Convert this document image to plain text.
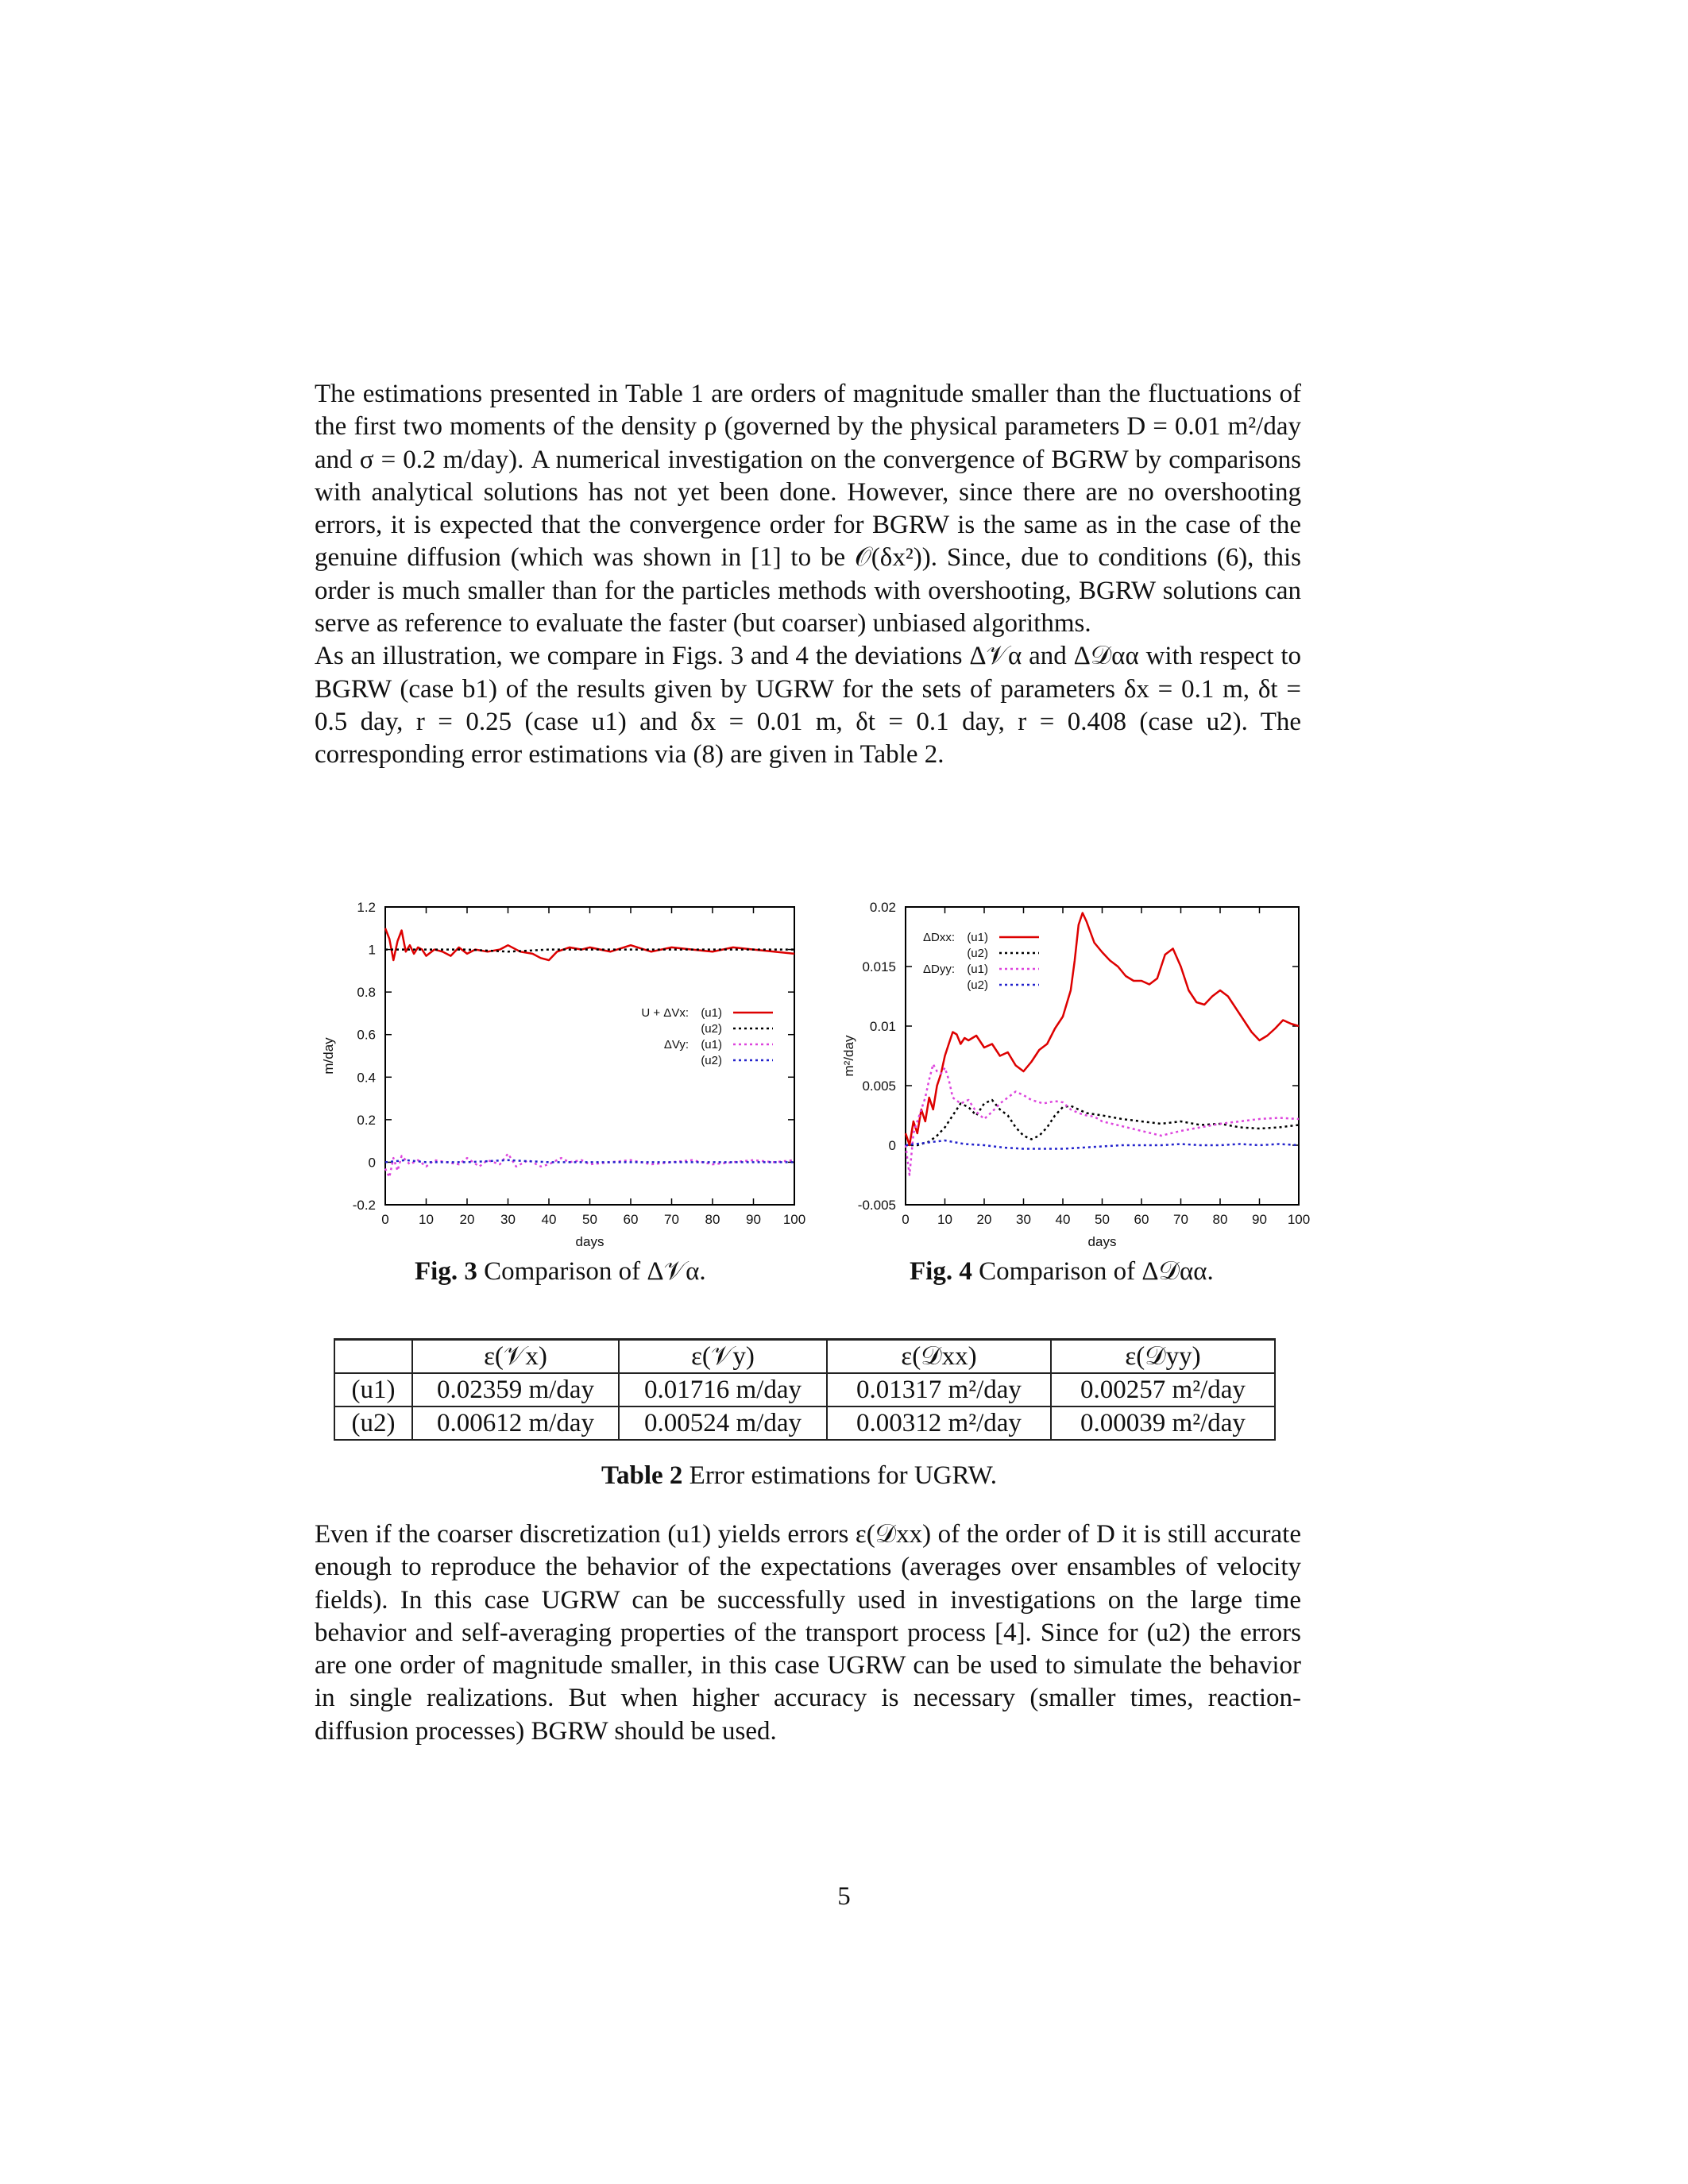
The estimations presented in Table 1 are orders of magnitude smaller than the fluctuations of the first two moments of the density ρ (governed by the physical parameters D = 0.01 m²/day and σ = 0.2 m/day). A numerical investigation on the convergence of BGRW by comparisons with analytical solutions has not yet been done. However, since there are no overshooting errors, it is expected that the convergence order for BGRW is the same as in the case of the genuine diffusion (which was shown in [1] to be 𝒪(δx²)). Since, due to conditions (6), this order is much smaller than for the particles methods with overshooting, BGRW solutions can serve as reference to evaluate the faster (but coarser) unbiased algorithms.
As an illustration, we compare in Figs. 3 and 4 the deviations Δ𝒱α and Δ𝒟αα with respect to BGRW (case b1) of the results given by UGRW for the sets of parameters δx = 0.1 m, δt = 0.5 day, r = 0.25 (case u1) and δx = 0.01 m, δt = 0.1 day, r = 0.408 (case u2). The corresponding error estimations via (8) are given in Table 2.
0 10 20 30 40 50 60 70 80 90 100
-0.2
0
0.2
0.4
0.6
0.8
1
1.2
days
m/day
U + ΔVx: (u1)
(u2)
ΔVy: (u1)
(u2)
Fig. 3 Comparison of Δ𝒱α.
0 10 20 30 40 50 60 70 80 90 100
-0.005
0
0.005
0.01
0.015
0.02
days
m²/day
ΔDxx: (u1)
(u2)
ΔDyy: (u1)
(u2)
Fig. 4 Comparison of Δ𝒟αα.
	ε(𝒱x)	ε(𝒱y)	ε(𝒟xx)	ε(𝒟yy)
(u1)	0.02359 m/day	0.01716 m/day	0.01317 m²/day	0.00257 m²/day
(u2)	0.00612 m/day	0.00524 m/day	0.00312 m²/day	0.00039 m²/day
Table 2 Error estimations for UGRW.

Even if the coarser discretization (u1) yields errors ε(𝒟xx) of the order of D it is still accurate enough to reproduce the behavior of the expectations (averages over ensambles of velocity fields). In this case UGRW can be successfully used in investigations on the large time behavior and self-averaging properties of the transport process [4]. Since for (u2) the errors are one order of magnitude smaller, in this case UGRW can be used to simulate the behavior in single realizations. But when higher accuracy is necessary (smaller times, reaction-diffusion processes) BGRW should be used.

5
